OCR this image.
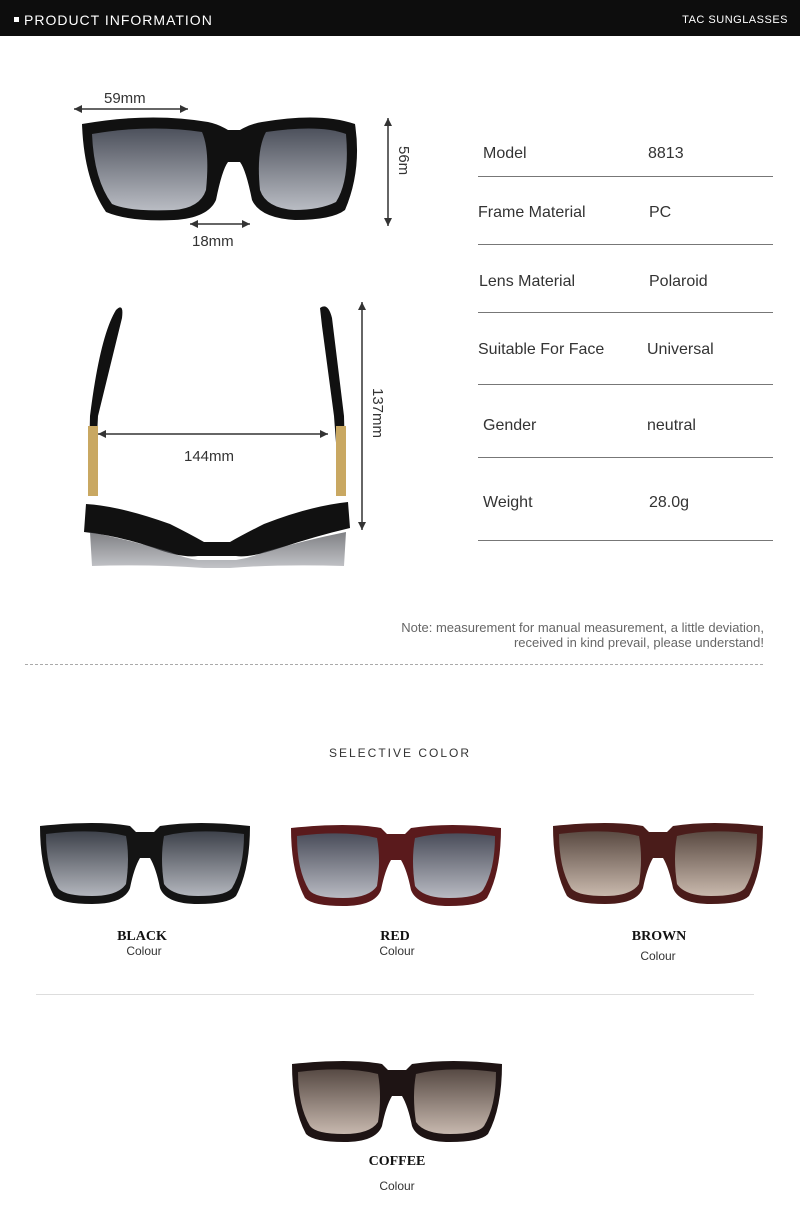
PRODUCT INFORMATION	TAC SUNGLASSES
59mm
18mm
56m
144mm
137mm
Model	8813
Frame Material	PC
Lens Material	Polaroid
Suitable For Face	Universal
Gender	neutral
Weight	28.0g
Note: measurement for manual measurement, a little deviation,
received in kind prevail, please understand!
SELECTIVE COLOR
BLACK
Colour
RED
Colour
BROWN
Colour
COFFEE
Colour
